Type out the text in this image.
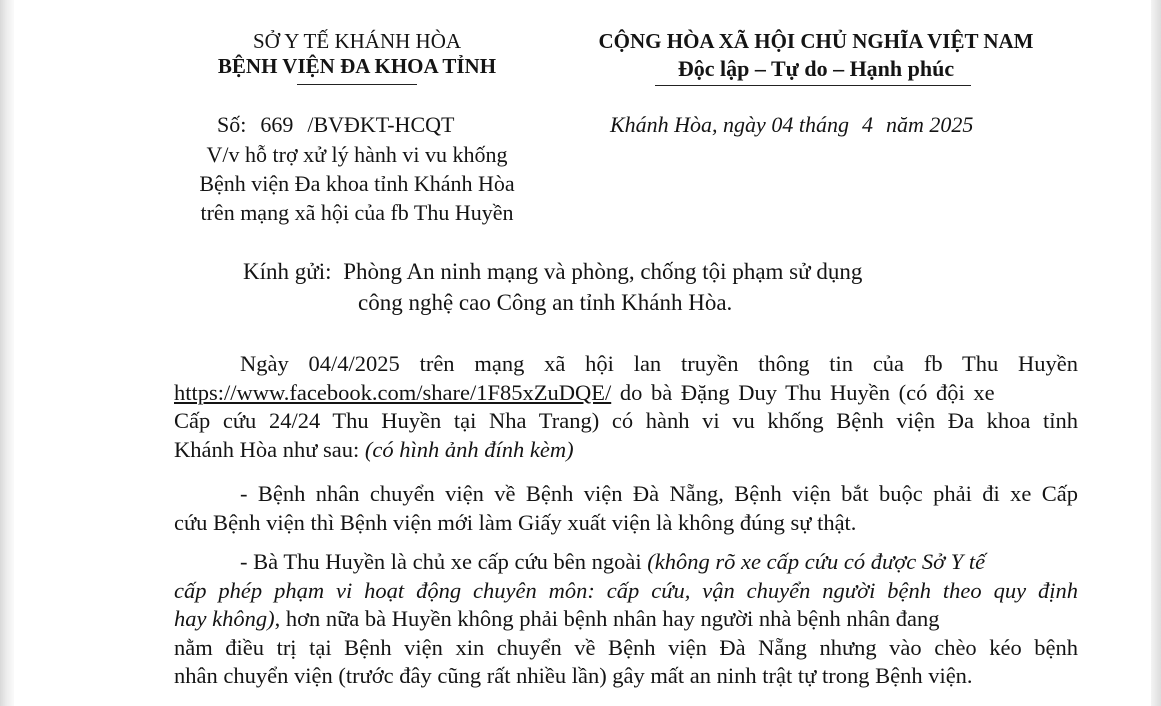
SỞ Y TẾ KHÁNH HÒA
BỆNH VIỆN ĐA KHOA TỈNH
Số: 669 /BVĐKT-HCQT
V/v hỗ trợ xử lý hành vi vu khống
Bệnh viện Đa khoa tỉnh Khánh Hòa
trên mạng xã hội của fb Thu Huyền
CỘNG HÒA XÃ HỘI CHỦ NGHĨA VIỆT NAM
Độc lập – Tự do – Hạnh phúc
Khánh Hòa, ngày 04 tháng 4 năm 2025
Kính gửi: Phòng An ninh mạng và phòng, chống tội phạm sử dụng
công nghệ cao Công an tỉnh Khánh Hòa.
Ngày 04/4/2025 trên mạng xã hội lan truyền thông tin của fb Thu Huyền
https://www.facebook.com/share/1F85xZuDQE/ do bà Đặng Duy Thu Huyền (có đội xe
Cấp cứu 24/24 Thu Huyền tại Nha Trang) có hành vi vu khống Bệnh viện Đa khoa tỉnh
Khánh Hòa như sau: (có hình ảnh đính kèm)
- Bệnh nhân chuyển viện về Bệnh viện Đà Nẵng, Bệnh viện bắt buộc phải đi xe Cấp
cứu Bệnh viện thì Bệnh viện mới làm Giấy xuất viện là không đúng sự thật.
- Bà Thu Huyền là chủ xe cấp cứu bên ngoài (không rõ xe cấp cứu có được Sở Y tế
cấp phép phạm vi hoạt động chuyên môn: cấp cứu, vận chuyển người bệnh theo quy định
hay không), hơn nữa bà Huyền không phải bệnh nhân hay người nhà bệnh nhân đang
nằm điều trị tại Bệnh viện xin chuyển về Bệnh viện Đà Nẵng nhưng vào chèo kéo bệnh
nhân chuyển viện (trước đây cũng rất nhiều lần) gây mất an ninh trật tự trong Bệnh viện.
